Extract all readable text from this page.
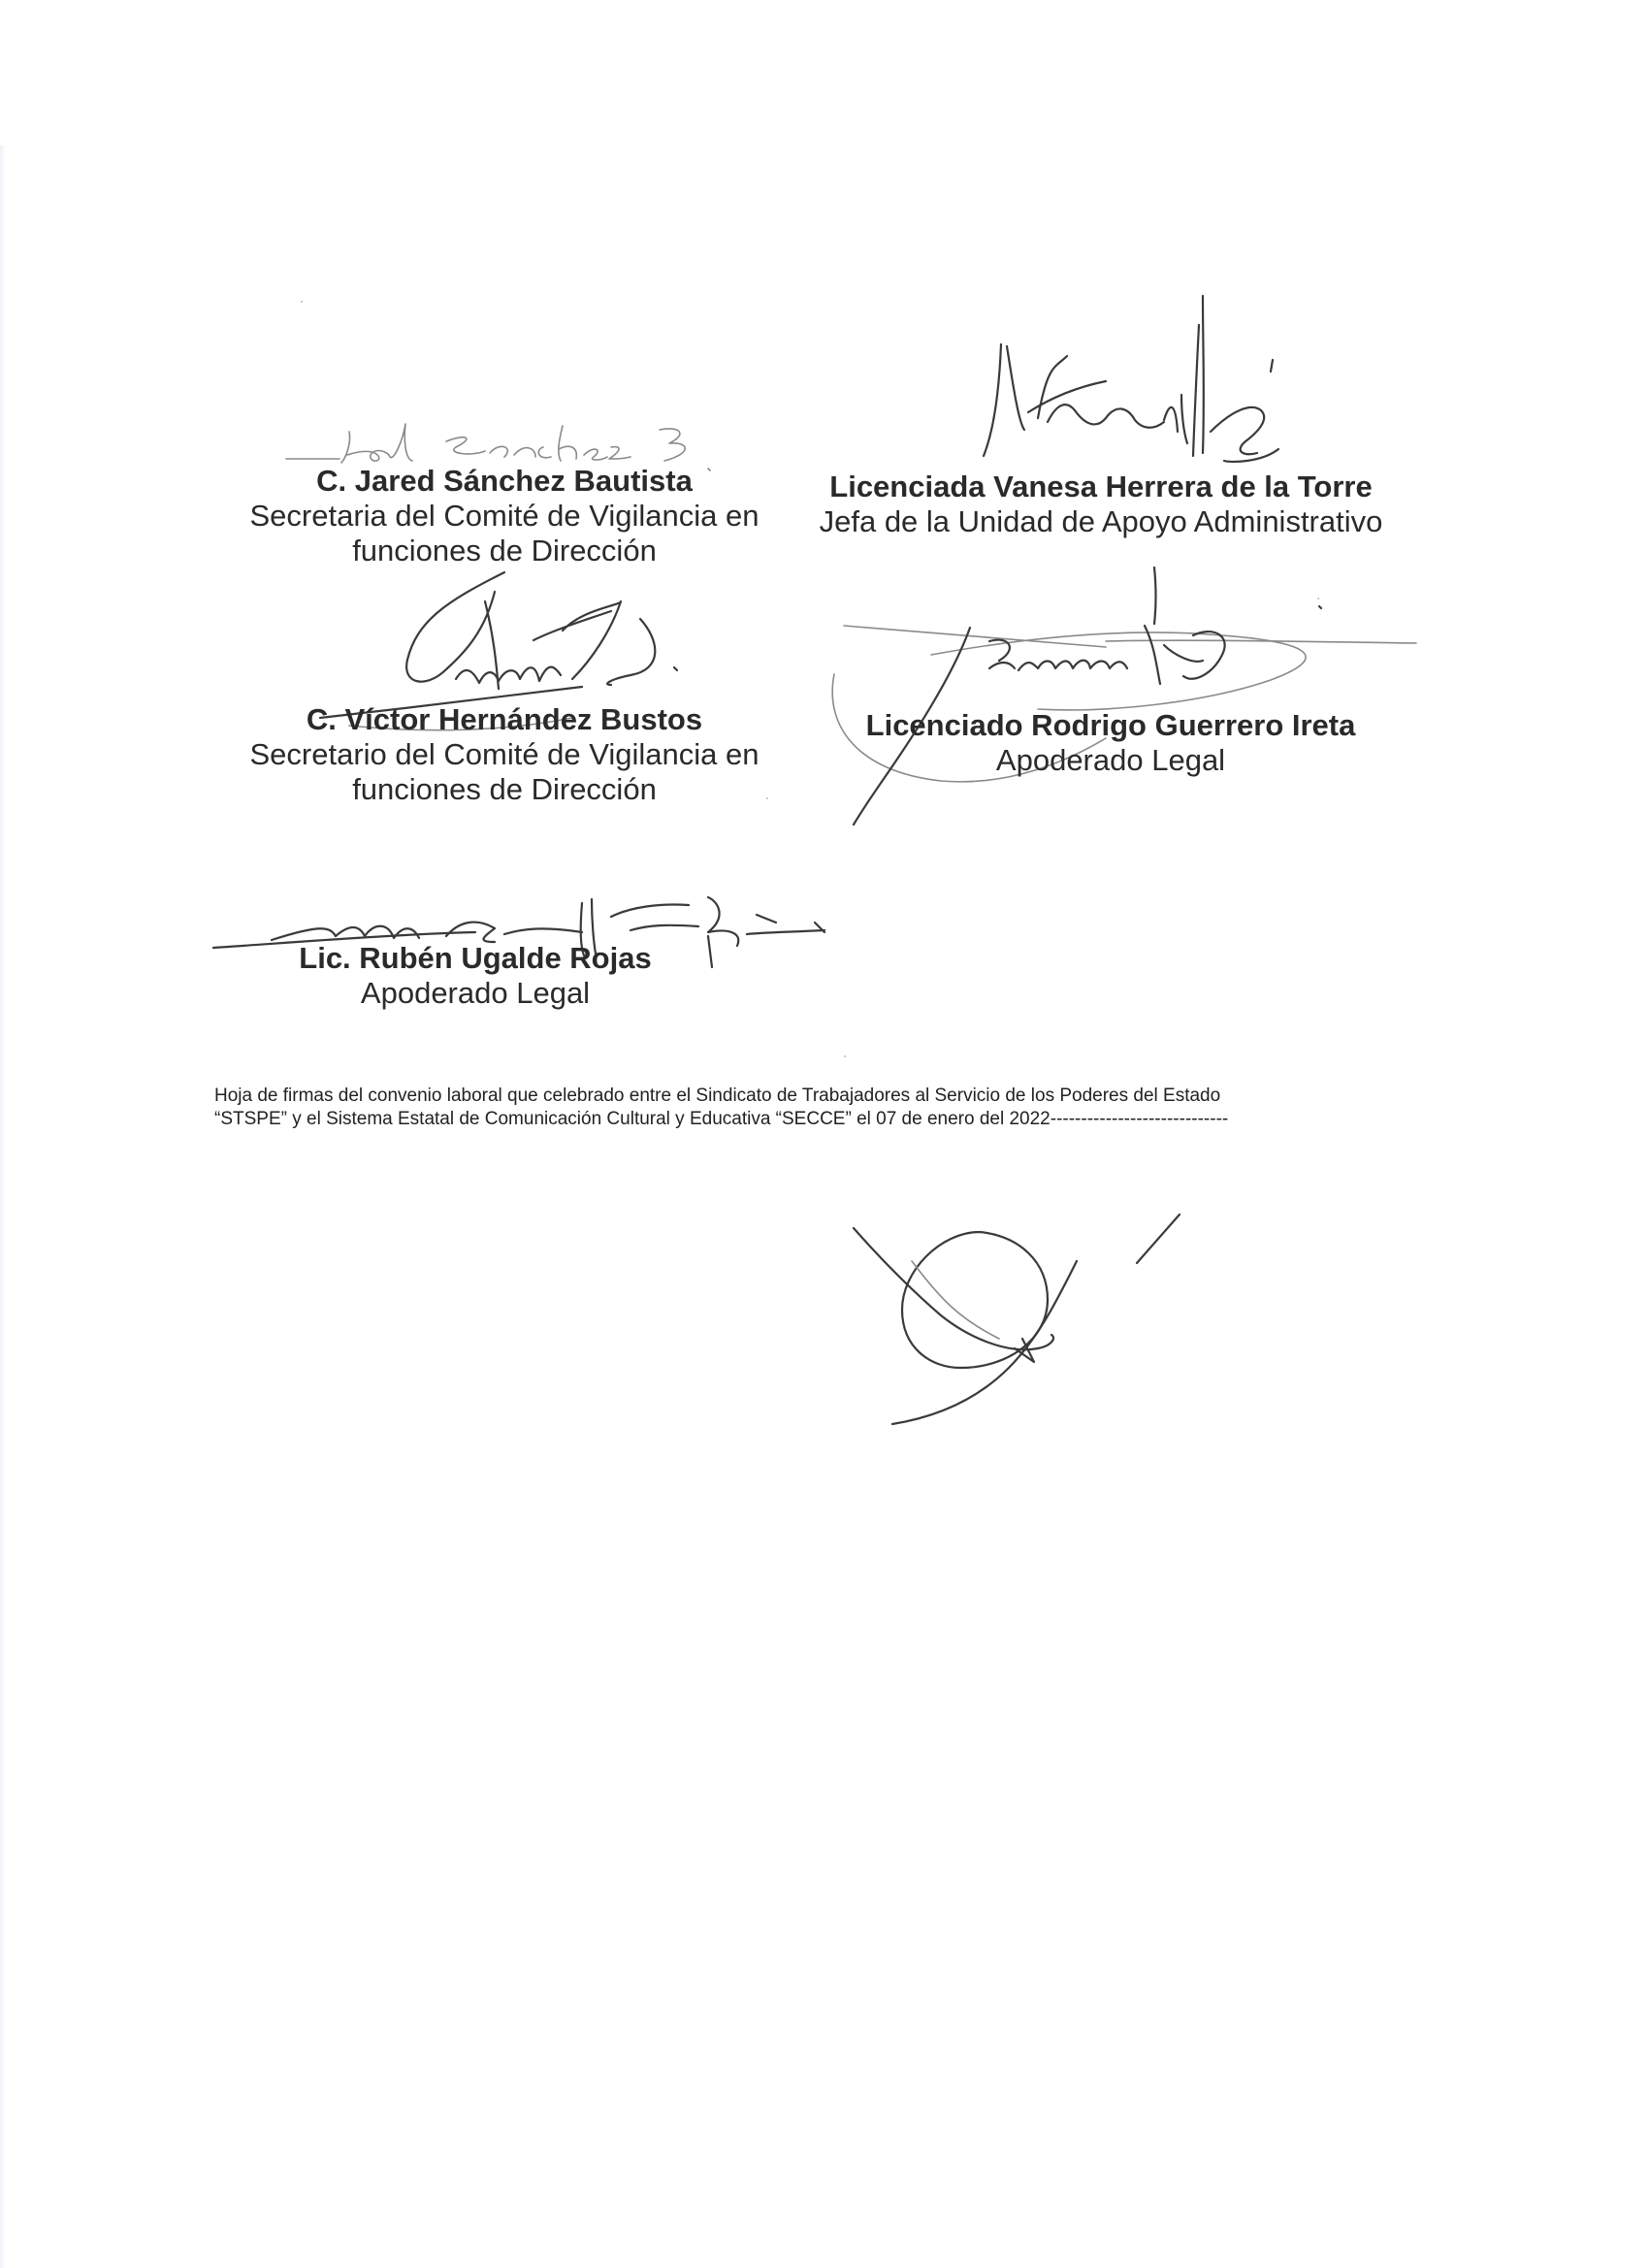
C. Jared Sánchez Bautista
Secretaria del Comité de Vigilancia en
funciones de Dirección
Licenciada Vanesa Herrera de la Torre
Jefa de la Unidad de Apoyo Administrativo
C. Víctor Hernández Bustos
Secretario del Comité de Vigilancia en
funciones de Dirección
Licenciado Rodrigo Guerrero Ireta
Apoderado Legal
Lic. Rubén Ugalde Rojas
Apoderado Legal
Hoja de firmas del convenio laboral que celebrado entre el Sindicato de Trabajadores al Servicio de los Poderes del Estado
“STSPE” y el Sistema Estatal de Comunicación Cultural y Educativa “SECCE” el 07 de enero del 2022-----------------------------
